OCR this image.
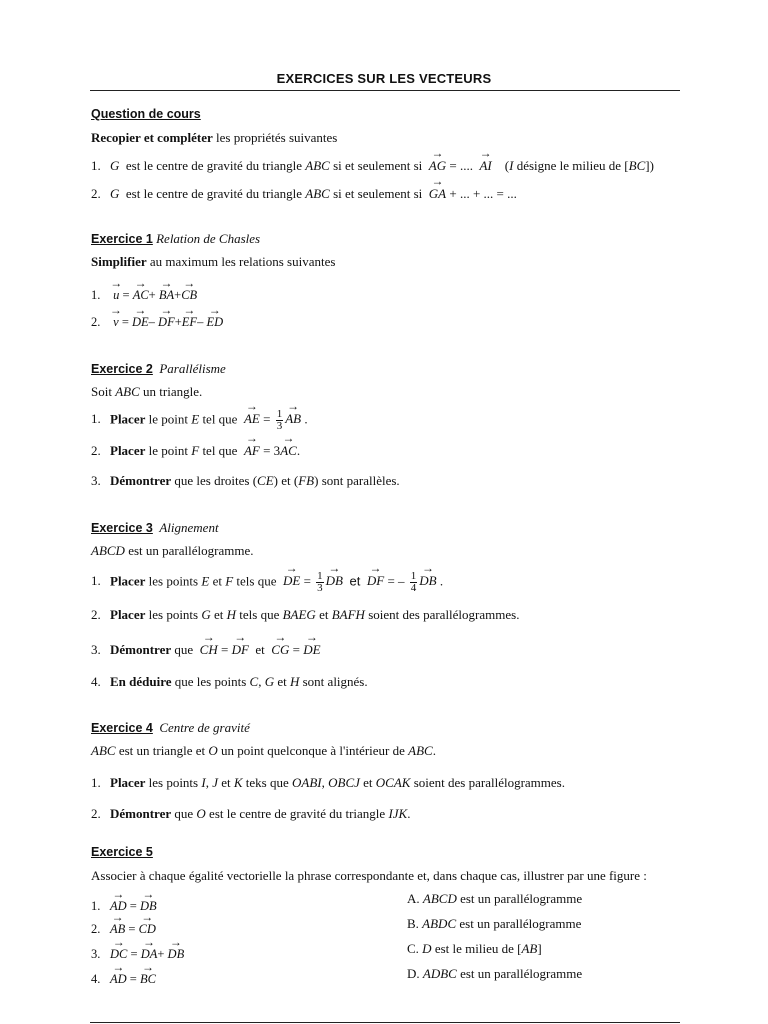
EXERCICES SUR LES VECTEURS
Question de cours
Recopier et compléter les propriétés suivantes
1. G est le centre de gravité du triangle ABC si et seulement si
→
AG = ....
→
AI (I désigne le milieu de [BC])
2. G est le centre de gravité du triangle ABC si et seulement si
→
GA + ... + ... = ...
Exercice 1 Relation de Chasles
Simplifier au maximum les relations suivantes
1.
→
u =
→
AC+
→
BA+
→
CB
2.
→
v =
→
DE–
→
DF+
→
EF–
→
ED
Exercice 2 Parallélisme
Soit ABC un triangle.
1. Placer le point E tel que
→
AE = $\frac{1}{3}$
→
AB .
2. Placer le point F tel que
→
AF = 3
→
AC.
3. Démontrer que les droites (CE) et (FB) sont parallèles.
Exercice 3 Alignement
ABCD est un parallélogramme.
1. Placer les points E et F tels que
→
DE = $\frac{1}{3}$
→
DB et
→
DF = – $\frac{1}{4}$
→
DB .
2. Placer les points G et H tels que BAEG et BAFH soient des parallélogrammes.
3. Démontrer que
→
CH =
→
DF et
→
CG =
→
DE
4. En déduire que les points C, G et H sont alignés.
Exercice 4 Centre de gravité
ABC est un triangle et O un point quelconque à l'intérieur de ABC.
1. Placer les points I, J et K teks que OABI, OBCJ et OCAK soient des parallélogrammes.
2. Démontrer que O est le centre de gravité du triangle IJK.
Exercice 5
Associer à chaque égalité vectorielle la phrase correspondante et, dans chaque cas, illustrer par une figure :
1.
→
AD =
→
DB
2.
→
AB =
→
CD
3.
→
DC =
→
DA+
→
DB
4.
→
AD =
→
BC
A. ABCD est un parallélogramme
B. ABDC est un parallélogramme
C. D est le milieu de [AB]
D. ADBC est un parallélogramme
